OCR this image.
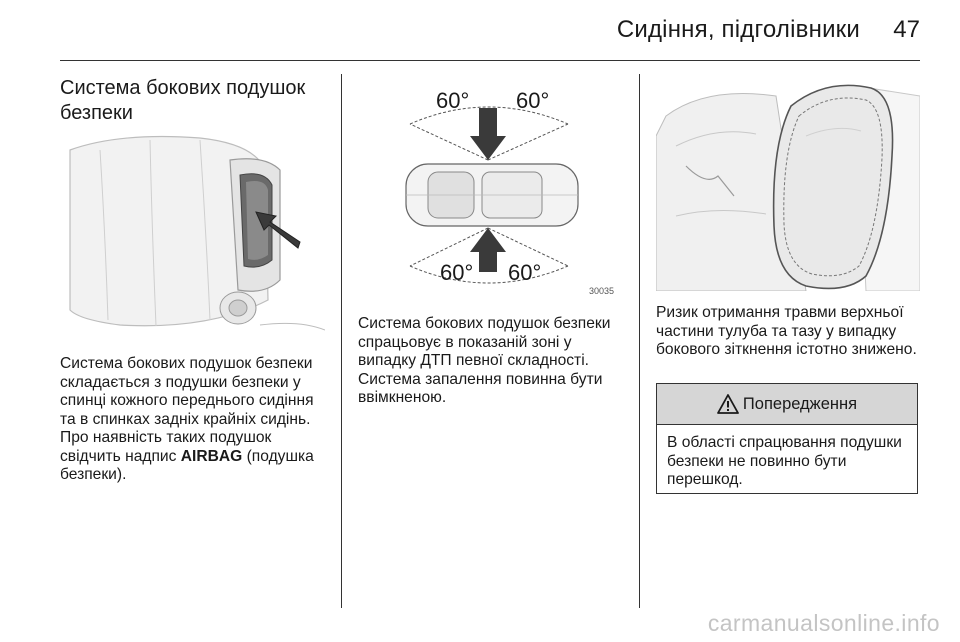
Сидіння, підголівники	47
Система бокових подушок безпеки
Система бокових подушок безпеки складається з подушки безпеки у спинці кожного переднього сидіння та в спинках задніх крайніх сидінь. Про наявність таких подушок свідчить надпис AIRBAG (подушка безпеки).
60° 60°
60° 60°
30035
Система бокових подушок безпеки спрацьовує в показаній зоні у випадку ДТП певної складності. Система запалення повинна бути ввімкненою.
Ризик отримання травми верхньої частини тулуба та тазу у випадку бокового зіткнення істотно знижено.
Попередження
В області спрацювання подушки безпеки не повинно бути перешкод.
carmanualsonline.info
